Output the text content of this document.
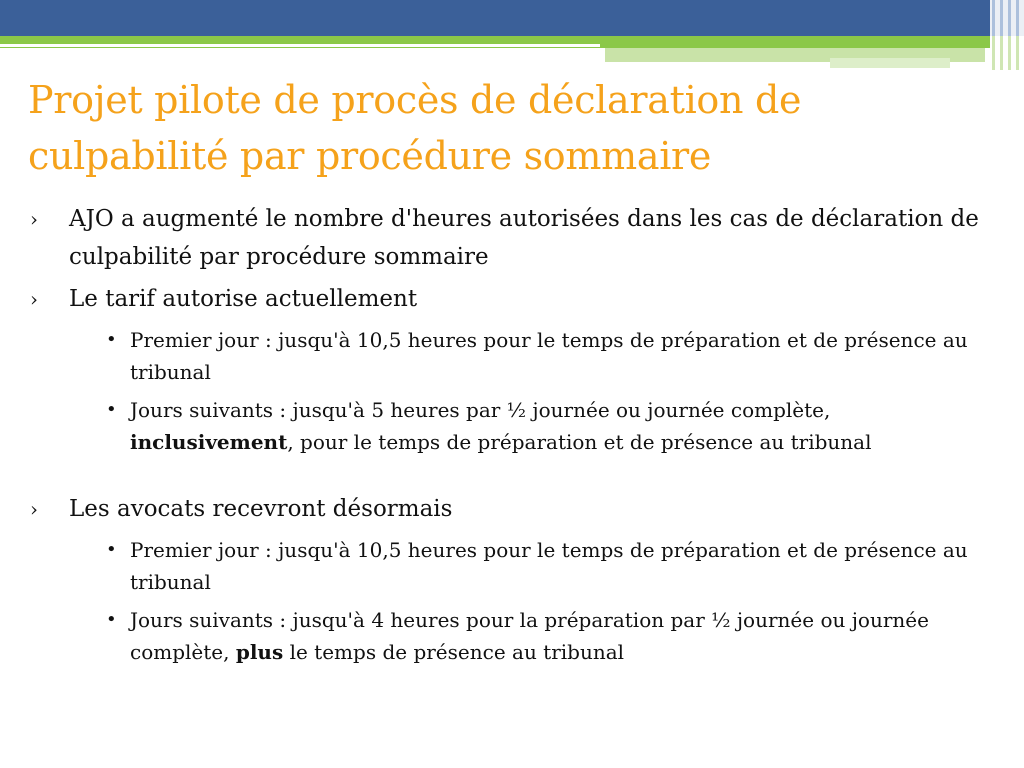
Projet pilote de procès de déclaration de culpabilité par procédure sommaire
› AJO a augmenté le nombre d'heures autorisées dans les cas de déclaration de culpabilité par procédure sommaire
› Le tarif autorise actuellement
• Premier jour : jusqu'à 10,5 heures pour le temps de préparation et de présence au tribunal
• Jours suivants : jusqu'à 5 heures par ½ journée ou journée complète, inclusivement, pour le temps de préparation et de présence au tribunal
› Les avocats recevront désormais
• Premier jour : jusqu'à 10,5 heures pour le temps de préparation et de présence au tribunal
• Jours suivants : jusqu'à 4 heures pour la préparation par ½ journée ou journée complète, plus le temps de présence au tribunal
